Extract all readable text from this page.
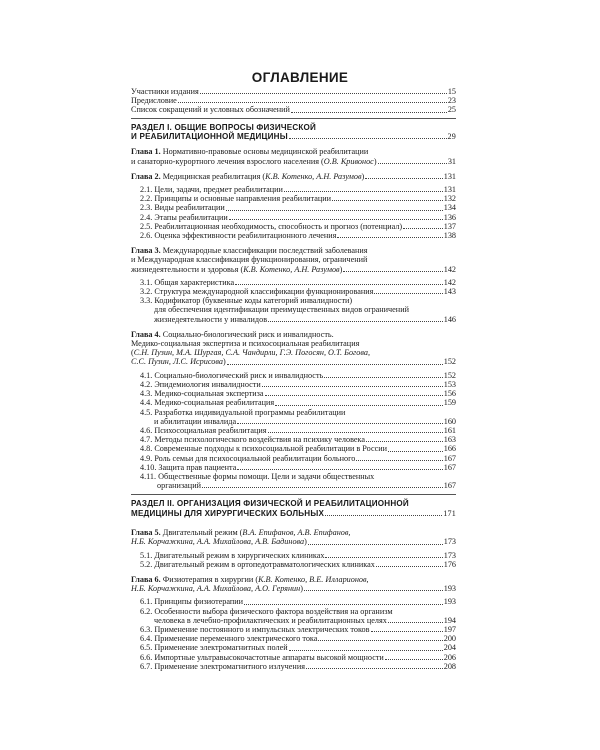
ОГЛАВЛЕНИЕ
Участники издания	15
Предисловие	23
Список сокращений и условных обозначений	25
РАЗДЕЛ I. ОБЩИЕ ВОПРОСЫ ФИЗИЧЕСКОЙ
И РЕАБИЛИТАЦИОННОЙ МЕДИЦИНЫ	29
Глава 1. Нормативно-правовые основы медицинской реабилитации
и санаторно-курортного лечения взрослого населения (О.В. Кривонос)	31
Глава 2. Медицинская реабилитация (К.В. Котенко, А.Н. Разумов)	131
2.1. Цели, задачи, предмет реабилитации	131
2.2. Принципы и основные направления реабилитации	132
2.3. Виды реабилитации	134
2.4. Этапы реабилитации	136
2.5. Реабилитационная необходимость, способность и прогноз (потенциал)	137
2.6. Оценка эффективности реабилитационного лечения	138
Глава 3. Международные классификации последствий заболевания
и Международная классификация функционирования, ограничений
жизнедеятельности и здоровья (К.В. Котенко, А.Н. Разумов)	142
3.1. Общая характеристика	142
3.2. Структура международной классификации функционирования	143
3.3. Кодификатор (буквенные коды категорий инвалидности)
для обеспечения идентификации преимущественных видов ограничений
жизнедеятельности у инвалидов	146
Глава 4. Социально-биологический риск и инвалидность.
Медико-социальная экспертиза и психосоциальная реабилитация
(С.Н. Пузин, М.А. Шургая, С.А. Чандирли, Г.Э. Погосян, О.Т. Богова,
С.С. Пузин, Л.С. Исрисова)	152
4.1. Социально-биологический риск и инвалидность	152
4.2. Эпидемиология инвалидности	153
4.3. Медико-социальная экспертиза	156
4.4. Медико-социальная реабилитация	159
4.5. Разработка индивидуальной программы реабилитации
и абилитации инвалида	160
4.6. Психосоциальная реабилитация	161
4.7. Методы психологического воздействия на психику человека	163
4.8. Современные подходы к психосоциальной реабилитации в России	166
4.9. Роль семьи для психосоциальной реабилитации больного	167
4.10. Защита прав пациента	167
4.11. Общественные формы помощи. Цели и задачи общественных
организаций	167
РАЗДЕЛ II. ОРГАНИЗАЦИЯ ФИЗИЧЕСКОЙ И РЕАБИЛИТАЦИОННОЙ
МЕДИЦИНЫ ДЛЯ ХИРУРГИЧЕСКИХ БОЛЬНЫХ	171
Глава 5. Двигательный режим (В.А. Епифанов, А.В. Епифанов,
Н.Б. Корчажкина, А.А. Михайлова, А.В. Бадинова)	173
5.1. Двигательный режим в хирургических клиниках	173
5.2. Двигательный режим в ортопедотравматологических клиниках	176
Глава 6. Физиотерапия в хирургии (К.В. Котенко, В.Е. Илларионов,
Н.Б. Корчажкина, А.А. Михайлова, А.О. Герянин)	193
6.1. Принципы физиотерапии	193
6.2. Особенности выбора физического фактора воздействия на организм
человека в лечебно-профилактических и реабилитационных целях	194
6.3. Применение постоянного и импульсных электрических токов	197
6.4. Применение переменного электрического тока	200
6.5. Применение электромагнитных полей	204
6.6. Импортные ультравысокочастотные аппараты высокой мощности	206
6.7. Применение электромагнитного излучения	208
